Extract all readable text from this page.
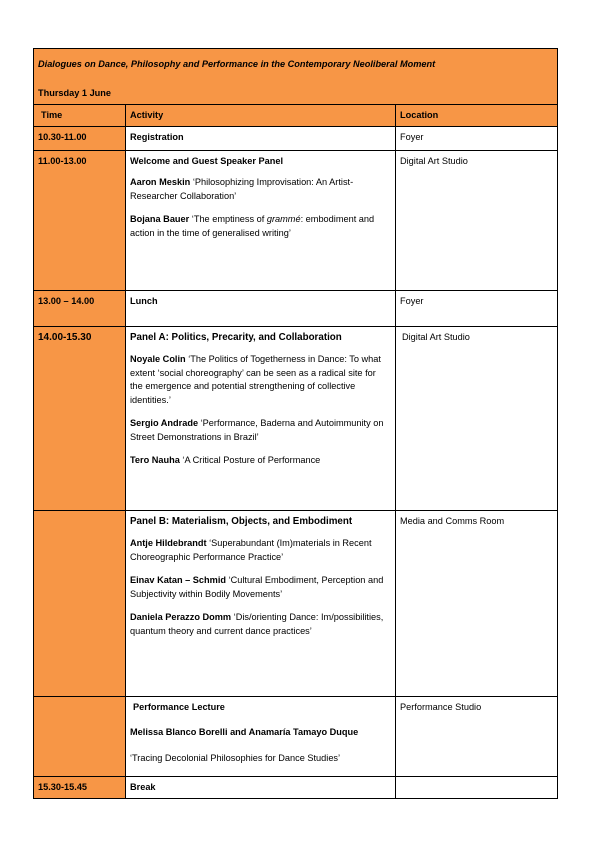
Dialogues on Dance, Philosophy and Performance in the Contemporary Neoliberal Moment
Thursday 1 June		

Time	Activity	Location
10.30-11.00	Registration	Foyer
11.00-13.00	Welcome and Guest Speaker Panel
Aaron Meskin ‘Philosophizing Improvisation: An Artist-Researcher Collaboration’
Bojana Bauer ‘The emptiness of grammé: embodiment and action in the time of generalised writing’	Digital Art Studio
13.00 – 14.00	Lunch	Foyer
14.00-15.30	Panel A: Politics, Precarity, and Collaboration
Noyale Colin ‘The Politics of Togetherness in Dance: To what extent ‘social choreography’ can be seen as a radical site for the emergence and potential strengthening of collective identities.’
Sergio Andrade ‘Performance, Baderna and Autoimmunity on Street Demonstrations in Brazil’
Tero Nauha ‘A Critical Posture of Performance	Digital Art Studio

	Panel B: Materialism, Objects, and Embodiment
Antje Hildebrandt ‘Superabundant (Im)materials in Recent Choreographic Performance Practice’
Einav Katan – Schmid ‘Cultural Embodiment, Perception and Subjectivity within Bodily Movements’
Daniela Perazzo Domm ‘Dis/orienting Dance: Im/possibilities, quantum theory and current dance practices’	Media and Comms Room

	Performance Lecture
Melissa Blanco Borelli and Anamaría Tamayo Duque
‘Tracing Decolonial Philosophies for Dance Studies’	Performance Studio
15.30-15.45	Break	
